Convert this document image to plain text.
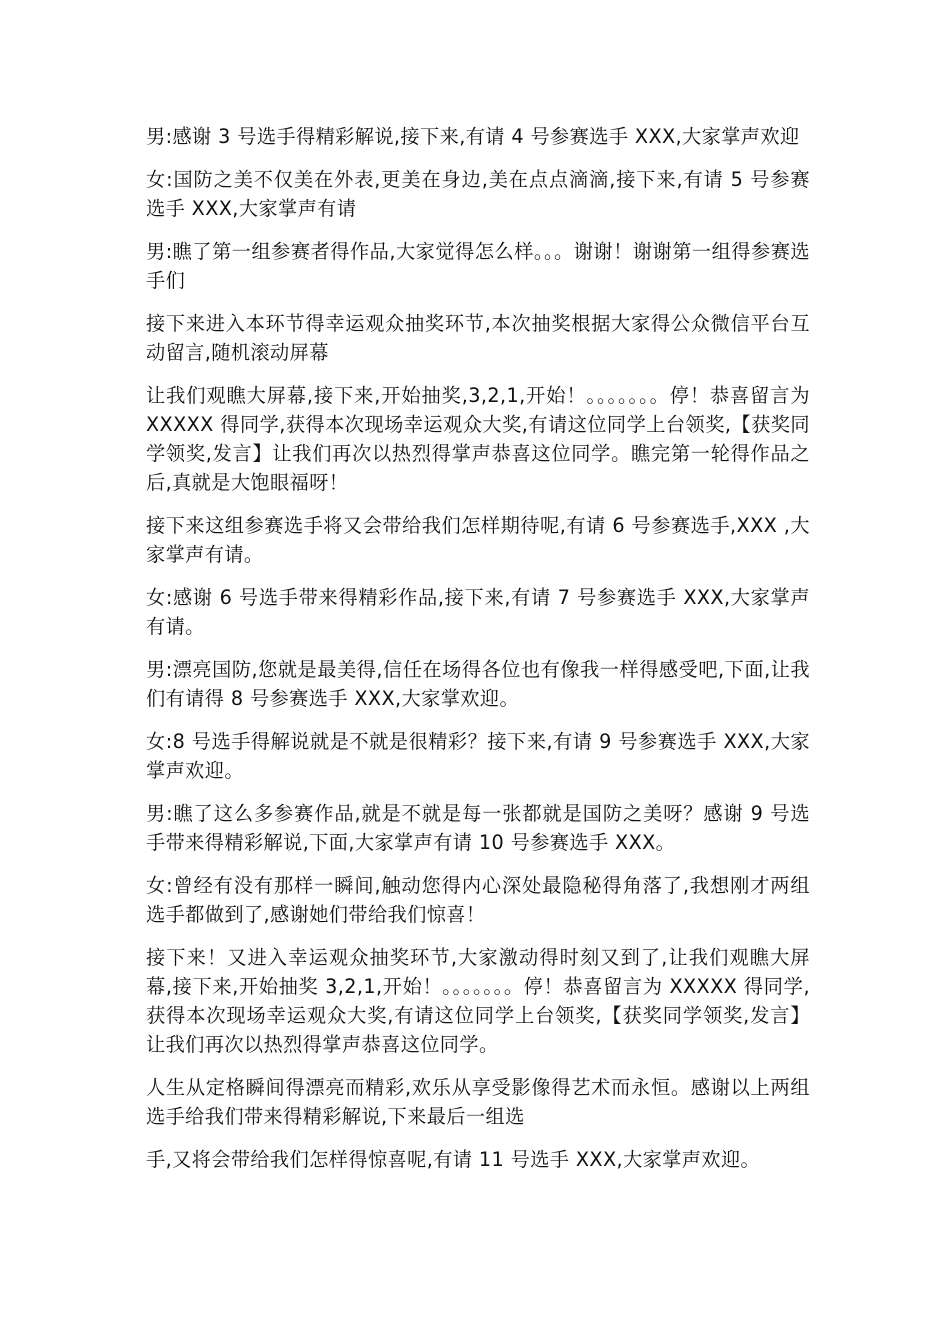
男:感谢 3 号选手得精彩解说,接下来,有请 4 号参赛选手 XXX,大家掌声欢迎

女:国防之美不仅美在外表,更美在身边,美在点点滴滴,接下来,有请 5 号参赛选手 XXX,大家掌声有请

男:瞧了第一组参赛者得作品,大家觉得怎么样。。。谢谢！谢谢第一组得参赛选手们

接下来进入本环节得幸运观众抽奖环节,本次抽奖根据大家得公众微信平台互动留言,随机滚动屏幕

让我们观瞧大屏幕,接下来,开始抽奖,3,2,1,开始！。。。。。。。停！恭喜留言为 XXXXX 得同学,获得本次现场幸运观众大奖,有请这位同学上台领奖,【获奖同学领奖,发言】让我们再次以热烈得掌声恭喜这位同学。瞧完第一轮得作品之后,真就是大饱眼福呀！

接下来这组参赛选手将又会带给我们怎样期待呢,有请 6 号参赛选手,XXX ,大家掌声有请。

女:感谢 6 号选手带来得精彩作品,接下来,有请 7 号参赛选手 XXX,大家掌声有请。

男:漂亮国防,您就是最美得,信任在场得各位也有像我一样得感受吧,下面,让我们有请得 8 号参赛选手 XXX,大家掌欢迎。

女:8 号选手得解说就是不就是很精彩？接下来,有请 9 号参赛选手 XXX,大家掌声欢迎。

男:瞧了这么多参赛作品,就是不就是每一张都就是国防之美呀？感谢 9 号选手带来得精彩解说,下面,大家掌声有请 10 号参赛选手 XXX。

女:曾经有没有那样一瞬间,触动您得内心深处最隐秘得角落了,我想刚才两组选手都做到了,感谢她们带给我们惊喜！

接下来！又进入幸运观众抽奖环节,大家激动得时刻又到了,让我们观瞧大屏幕,接下来,开始抽奖 3,2,1,开始！。。。。。。。停！恭喜留言为 XXXXX 得同学,获得本次现场幸运观众大奖,有请这位同学上台领奖,【获奖同学领奖,发言】让我们再次以热烈得掌声恭喜这位同学。

人生从定格瞬间得漂亮而精彩,欢乐从享受影像得艺术而永恒。感谢以上两组选手给我们带来得精彩解说,下来最后一组选

手,又将会带给我们怎样得惊喜呢,有请 11 号选手 XXX,大家掌声欢迎。
